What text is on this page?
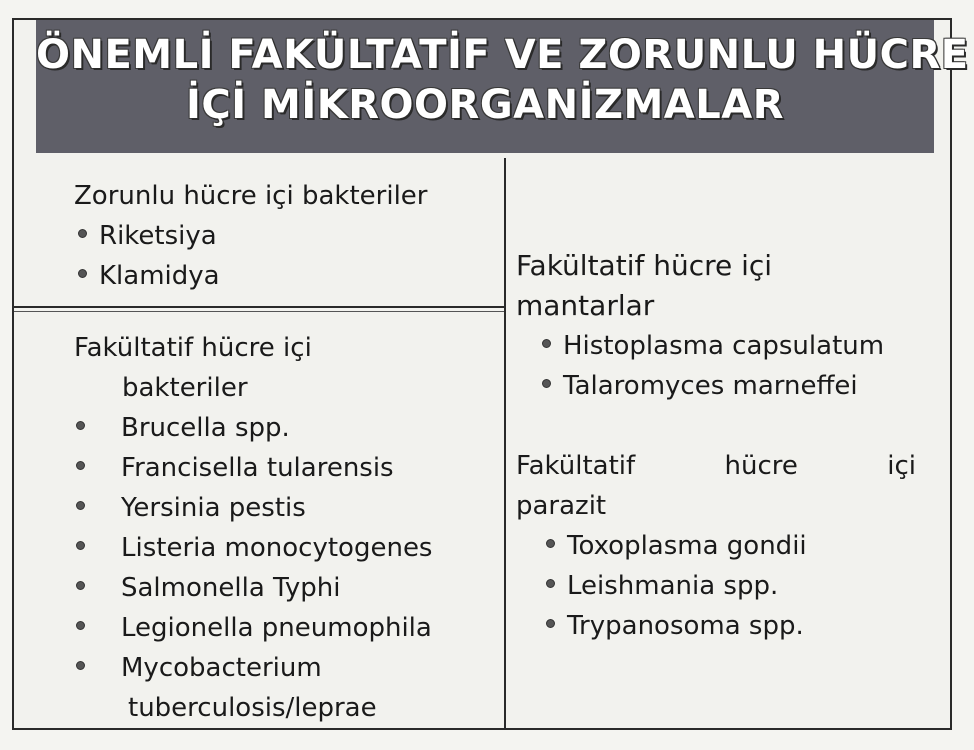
ÖNEMLİ FAKÜLTATİF VE ZORUNLU HÜCRE
İÇİ MİKROORGANİZMALAR
Zorunlu hücre içi bakteriler
Riketsiya
Klamidya
Fakültatif hücre içi
bakteriler
Brucella spp.
Francisella tularensis
Yersinia pestis
Listeria monocytogenes
Salmonella Typhi
Legionella pneumophila
Mycobacterium
tuberculosis/leprae
Fakültatif hücre içi
mantarlar
Histoplasma capsulatum
Talaromyces marneffei
Fakültatif	hücre	içi
parazit
Toxoplasma gondii
Leishmania spp.
Trypanosoma spp.
